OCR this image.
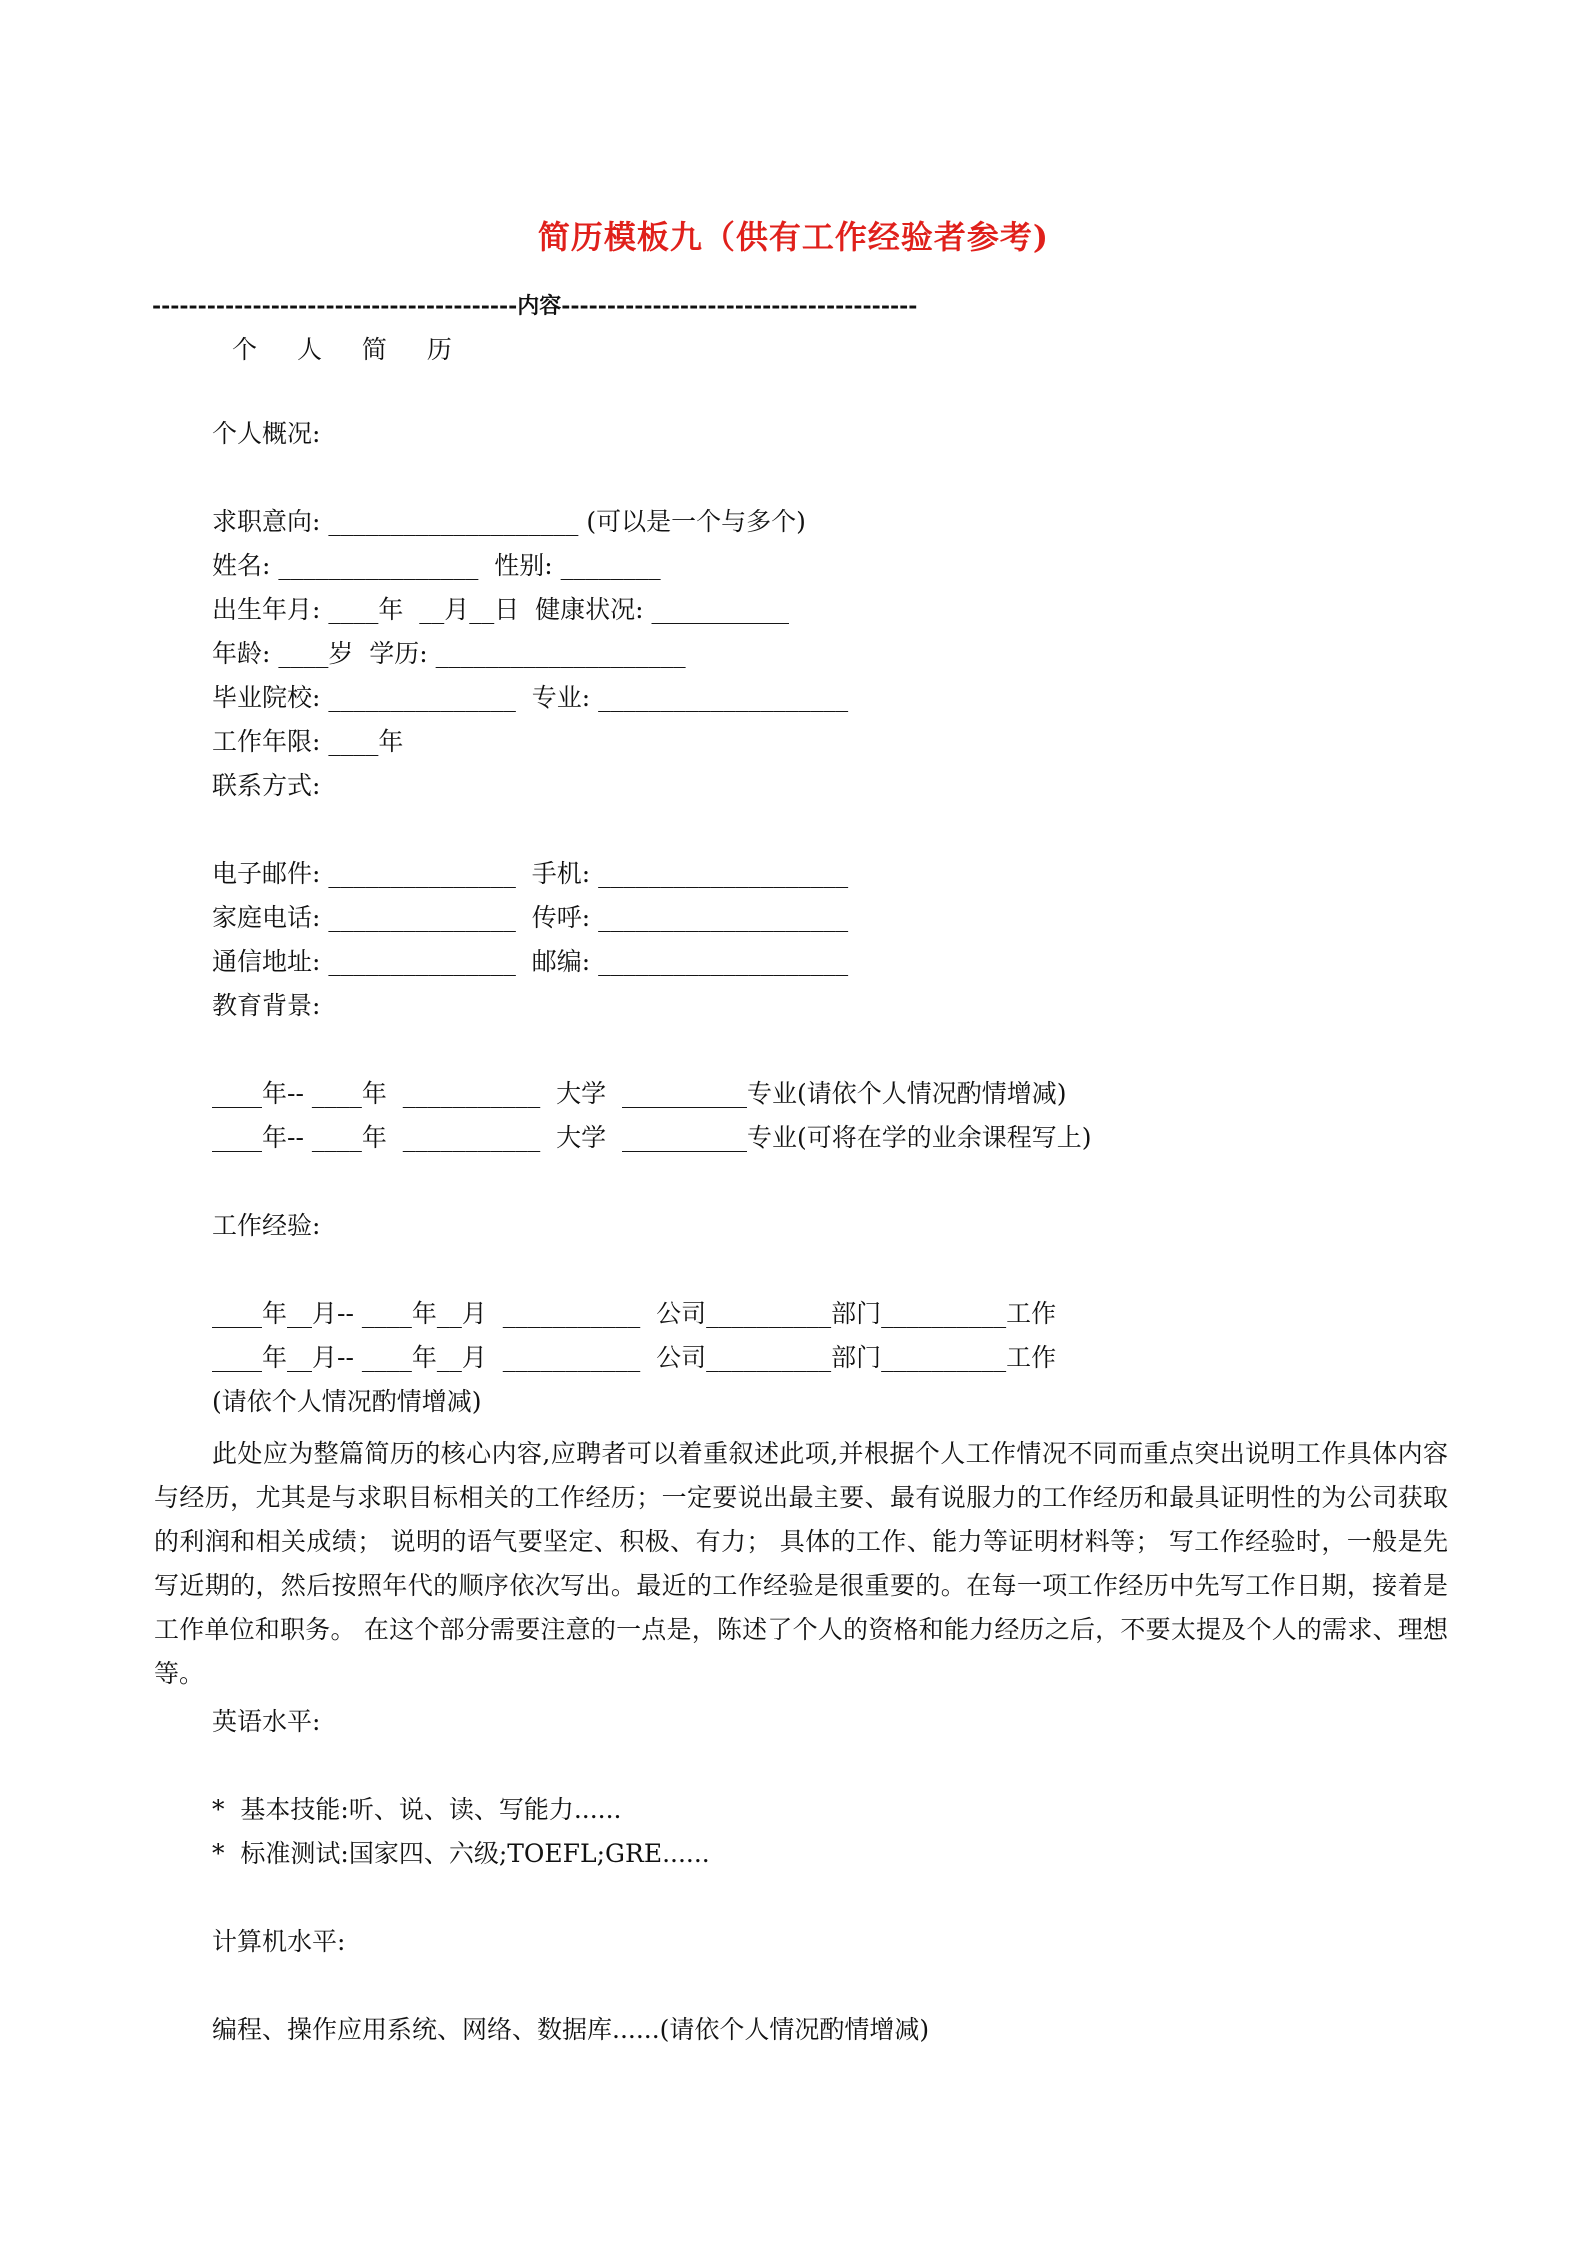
简历模板九（供有工作经验者参考)
----------------------------------------内容---------------------------------------
个 人 简 历
个人概况:
求职意向: ____________________ (可以是一个与多个)
姓名: ________________  性别: ________
出生年月: ____年  __月__日  健康状况: ___________
年龄: ____岁  学历: ____________________
毕业院校: _______________  专业: ____________________
工作年限: ____年
联系方式:
电子邮件: _______________  手机: ____________________
家庭电话: _______________  传呼: ____________________
通信地址: _______________  邮编: ____________________
教育背景:
____年-- ____年  ___________  大学  __________专业(请依个人情况酌情增减)
____年-- ____年  ___________  大学  __________专业(可将在学的业余课程写上)
工作经验:
____年__月-- ____年__月  ___________  公司__________部门__________工作
____年__月-- ____年__月  ___________  公司__________部门__________工作
(请依个人情况酌情增减)
此处应为整篇简历的核心内容,应聘者可以着重叙述此项,并根据个人工作情况不同而重点突出说明工作具体内容与经历，尤其是与求职目标相关的工作经历；一定要说出最主要、最有说服力的工作经历和最具证明性的为公司获取的利润和相关成绩； 说明的语气要坚定、积极、有力； 具体的工作、能力等证明材料等； 写工作经验时，一般是先写近期的，然后按照年代的顺序依次写出。最近的工作经验是很重要的。在每一项工作经历中先写工作日期，接着是工作单位和职务。 在这个部分需要注意的一点是，陈述了个人的资格和能力经历之后，不要太提及个人的需求、理想等。
英语水平:
*  基本技能:听、说、读、写能力......
*  标准测试:国家四、六级;TOEFL;GRE......
计算机水平:
编程、操作应用系统、网络、数据库......(请依个人情况酌情增减)
